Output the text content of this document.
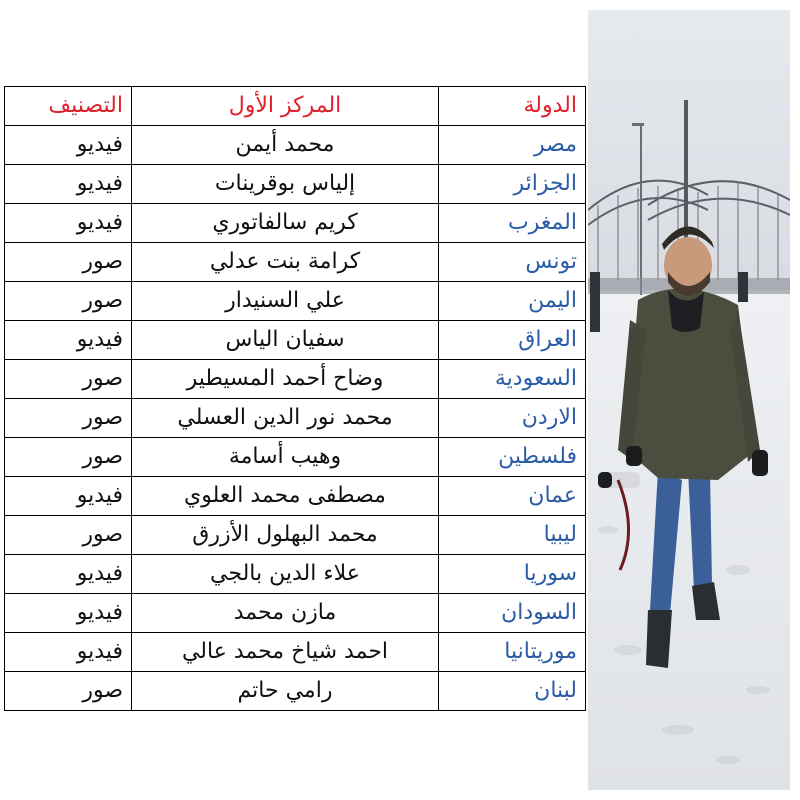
الدولة	المركز الأول	التصنيف
مصر	محمد أيمن	فيديو
الجزائر	إلياس بوقرينات	فيديو
المغرب	كريم سالفاتوري	فيديو
تونس	كرامة بنت عدلي	صور
اليمن	علي السنيدار	صور
العراق	سفيان الياس	فيديو
السعودية	وضاح أحمد المسيطير	صور
الاردن	محمد نور الدين العسلي	صور
فلسطين	وهيب أسامة	صور
عمان	مصطفى محمد العلوي	فيديو
ليبيا	محمد البهلول الأزرق	صور
سوريا	علاء الدين بالجي	فيديو
السودان	مازن محمد	فيديو
موريتانيا	احمد شياخ محمد عالي	فيديو
لبنان	رامي حاتم	صور
